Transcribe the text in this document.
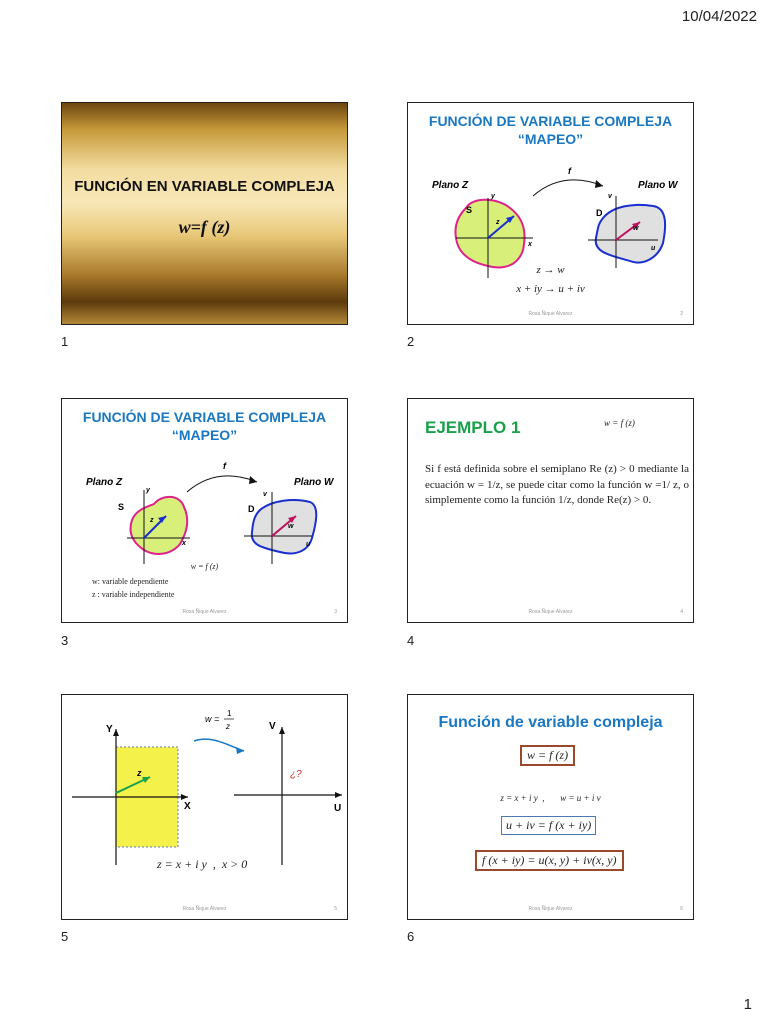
10/04/2022
FUNCIÓN EN VARIABLE COMPLEJA
w=f (z)
1
FUNCIÓN DE VARIABLE COMPLEJA
“MAPEO”
Plano Z	Plano W
f
S
y
x
z
D
v
u
w
z → w
x + iy → u + iv
Rosa Ñique Alvarez	2
2
FUNCIÓN DE VARIABLE COMPLEJA
“MAPEO”
Plano Z	Plano W
f
S
y
x
z
D
v
u
w
w = f (z)
w: variable dependiente
z : variable independiente
Rosa Ñique Alvarez	3
3
EJEMPLO 1	w = f (z)
Si f está definida sobre el semiplano Re (z) > 0 mediante la ecuación w = 1/z, se puede citar como la función w =1/ z, o simplemente como la función 1/z, donde Re(z) > 0.
Rosa Ñique Alvarez	4
4
Y
X
z
V
U
¿?
w =
1
z
z = x + i y  ,  x > 0
Rosa Ñique Alvarez	5
5
Función de variable compleja
w = f (z)
z = x + i y  ,       w = u + i v
u + iv = f (x + iy)
f (x + iy) = u(x, y) + iv(x, y)
Rosa Ñique Alvarez	6
6
1
